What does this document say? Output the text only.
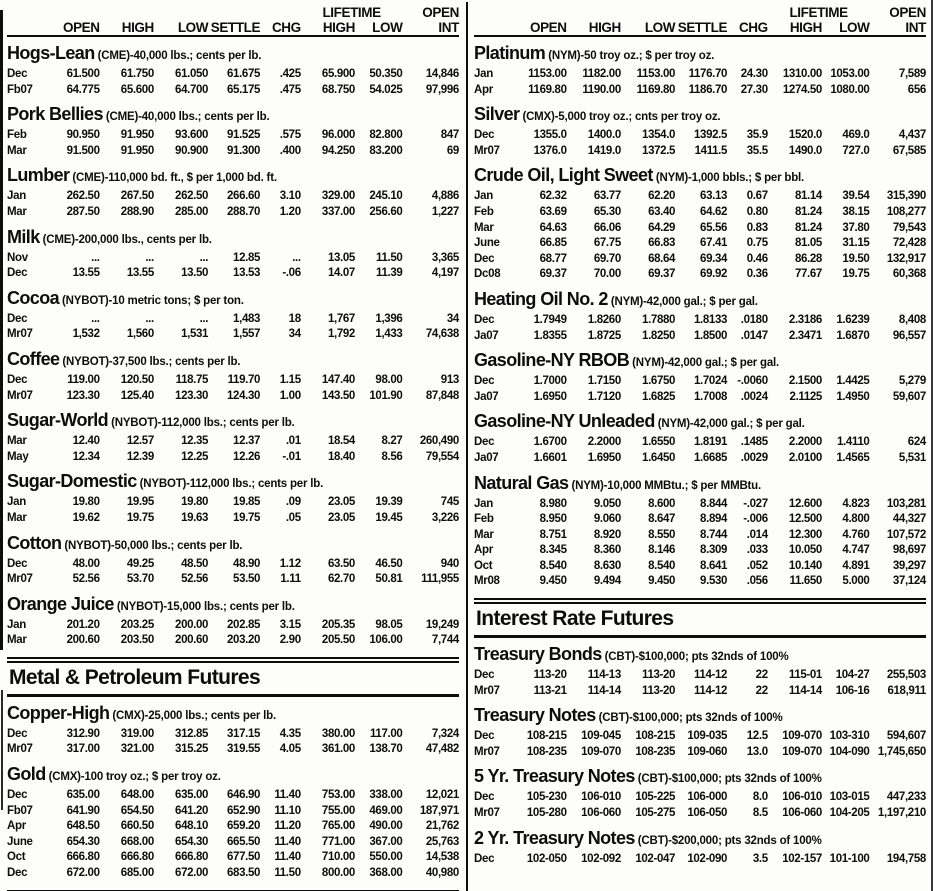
LIFETIME	OPEN
OPEN	HIGH	LOW SETTLE CHG	HIGH	LOW	INT
Hogs-Lean (CME)-40,000 lbs.; cents per lb.
Dec	61.500	61.750	61.050	61.675	.425	65.900	50.350	14,846
Fb07	64.775	65.600	64.700	65.175	.475	68.750	54.025	97,996
Pork Bellies (CME)-40,000 lbs.; cents per lb.
Feb	90.950	91.950	93.600	91.525	.575	96.000	82.800	847
Mar	91.500	91.950	90.900	91.300	.400	94.250	83.200	69
Lumber (CME)-110,000 bd. ft., $ per 1,000 bd. ft.
Jan	262.50	267.50	262.50	266.60	3.10	329.00	245.10	4,886
Mar	287.50	288.90	285.00	288.70	1.20	337.00	256.60	1,227
Milk (CME)-200,000 lbs., cents per lb.
Nov	...	...	...	12.85	...	13.05	11.50	3,365
Dec	13.55	13.55	13.50	13.53	-.06	14.07	11.39	4,197
Cocoa (NYBOT)-10 metric tons; $ per ton.
Dec	...	...	...	1,483	18	1,767	1,396	34
Mr07	1,532	1,560	1,531	1,557	34	1,792	1,433	74,638
Coffee (NYBOT)-37,500 lbs.; cents per lb.
Dec	119.00	120.50	118.75	119.70	1.15	147.40	98.00	913
Mr07	123.30	125.40	123.30	124.30	1.00	143.50	101.90	87,848
Sugar-World (NYBOT)-112,000 lbs.; cents per lb.
Mar	12.40	12.57	12.35	12.37	.01	18.54	8.27	260,490
May	12.34	12.39	12.25	12.26	-.01	18.40	8.56	79,554
Sugar-Domestic (NYBOT)-112,000 lbs.; cents per lb.
Jan	19.80	19.95	19.80	19.85	.09	23.05	19.39	745
Mar	19.62	19.75	19.63	19.75	.05	23.05	19.45	3,226
Cotton (NYBOT)-50,000 lbs.; cents per lb.
Dec	48.00	49.25	48.50	48.90	1.12	63.50	46.50	940
Mr07	52.56	53.70	52.56	53.50	1.11	62.70	50.81	111,955
Orange Juice (NYBOT)-15,000 lbs.; cents per lb.
Jan	201.20	203.25	200.00	202.85	3.15	205.35	98.05	19,249
Mar	200.60	203.50	200.60	203.20	2.90	205.50	106.00	7,744
Metal & Petroleum Futures
Copper-High (CMX)-25,000 lbs.; cents per lb.
Dec	312.90	319.00	312.85	317.15	4.35	380.00	117.00	7,324
Mr07	317.00	321.00	315.25	319.55	4.05	361.00	138.70	47,482
Gold (CMX)-100 troy oz.; $ per troy oz.
Dec	635.00	648.00	635.00	646.90	11.40	753.00	338.00	12,021
Fb07	641.90	654.50	641.20	652.90	11.10	755.00	469.00	187,971
Apr	648.50	660.50	648.10	659.20	11.20	765.00	490.00	21,762
June	654.30	668.00	654.30	665.50	11.40	771.00	367.00	25,763
Oct	666.80	666.80	666.80	677.50	11.40	710.00	550.00	14,538
Dec	672.00	685.00	672.00	683.50	11.50	800.00	368.00	40,980
LIFETIME	OPEN
OPEN	HIGH	LOW SETTLE CHG	HIGH	LOW	INT
Platinum (NYM)-50 troy oz.; $ per troy oz.
Jan	1153.00	1182.00	1153.00	1176.70	24.30	1310.00 1053.00	7,589
Apr	1169.80	1190.00	1169.80	1186.70	27.30	1274.50 1080.00	656
Silver (CMX)-5,000 troy oz.; cnts per troy oz.
Dec	1355.0	1400.0	1354.0	1392.5	35.9	1520.0	469.0	4,437
Mr07	1376.0	1419.0	1372.5	1411.5	35.5	1490.0	727.0	67,585
Crude Oil, Light Sweet (NYM)-1,000 bbls.; $ per bbl.
Jan	62.32	63.77	62.20	63.13	0.67	81.14	39.54	315,390
Feb	63.69	65.30	63.40	64.62	0.80	81.24	38.15	108,277
Mar	64.63	66.06	64.29	65.56	0.83	81.24	37.80	79,543
June	66.85	67.75	66.83	67.41	0.75	81.05	31.15	72,428
Dec	68.77	69.70	68.64	69.34	0.46	86.28	19.50	132,917
Dc08	69.37	70.00	69.37	69.92	0.36	77.67	19.75	60,368
Heating Oil No. 2 (NYM)-42,000 gal.; $ per gal.
Dec	1.7949	1.8260	1.7880	1.8133	.0180	2.3186	1.6239	8,408
Ja07	1.8355	1.8725	1.8250	1.8500	.0147	2.3471	1.6870	96,557
Gasoline-NY RBOB (NYM)-42,000 gal.; $ per gal.
Dec	1.7000	1.7150	1.6750	1.7024 -.0060	2.1500	1.4425	5,279
Ja07	1.6950	1.7120	1.6825	1.7008	.0024	2.1125	1.4950	59,607
Gasoline-NY Unleaded (NYM)-42,000 gal.; $ per gal.
Dec	1.6700	2.2000	1.6550	1.8191	.1485	2.2000	1.4110	624
Ja07	1.6601	1.6950	1.6450	1.6685	.0029	2.0100	1.4565	5,531
Natural Gas (NYM)-10,000 MMBtu.; $ per MMBtu.
Jan	8.980	9.050	8.600	8.844	-.027	12.600	4.823	103,281
Feb	8.950	9.060	8.647	8.894	-.006	12.500	4.800	44,327
Mar	8.751	8.920	8.550	8.744	.014	12.300	4.760	107,572
Apr	8.345	8.360	8.146	8.309	.033	10.050	4.747	98,697
Oct	8.540	8.630	8.540	8.641	.052	10.140	4.891	39,297
Mr08	9.450	9.494	9.450	9.530	.056	11.650	5.000	37,124
Interest Rate Futures
Treasury Bonds (CBT)-$100,000; pts 32nds of 100%
Dec	113-20	114-13	113-20	114-12	22	115-01	104-27	255,503
Mr07	113-21	114-14	113-20	114-12	22	114-14	106-16	618,911
Treasury Notes (CBT)-$100,000; pts 32nds of 100%
Dec	108-215	109-045	108-215	109-035	12.5	109-070 103-310	594,607
Mr07	108-235	109-070	108-235	109-060	13.0	109-070 104-090 1,745,650
5 Yr. Treasury Notes (CBT)-$100,000; pts 32nds of 100%
Dec	105-230	106-010	105-225	106-000	8.0	106-010 103-015	447,233
Mr07	105-280	106-060	105-275	106-050	8.5	106-060 104-205 1,197,210
2 Yr. Treasury Notes (CBT)-$200,000; pts 32nds of 100%
Dec	102-050	102-092	102-047	102-090	3.5	102-157 101-100	194,758
